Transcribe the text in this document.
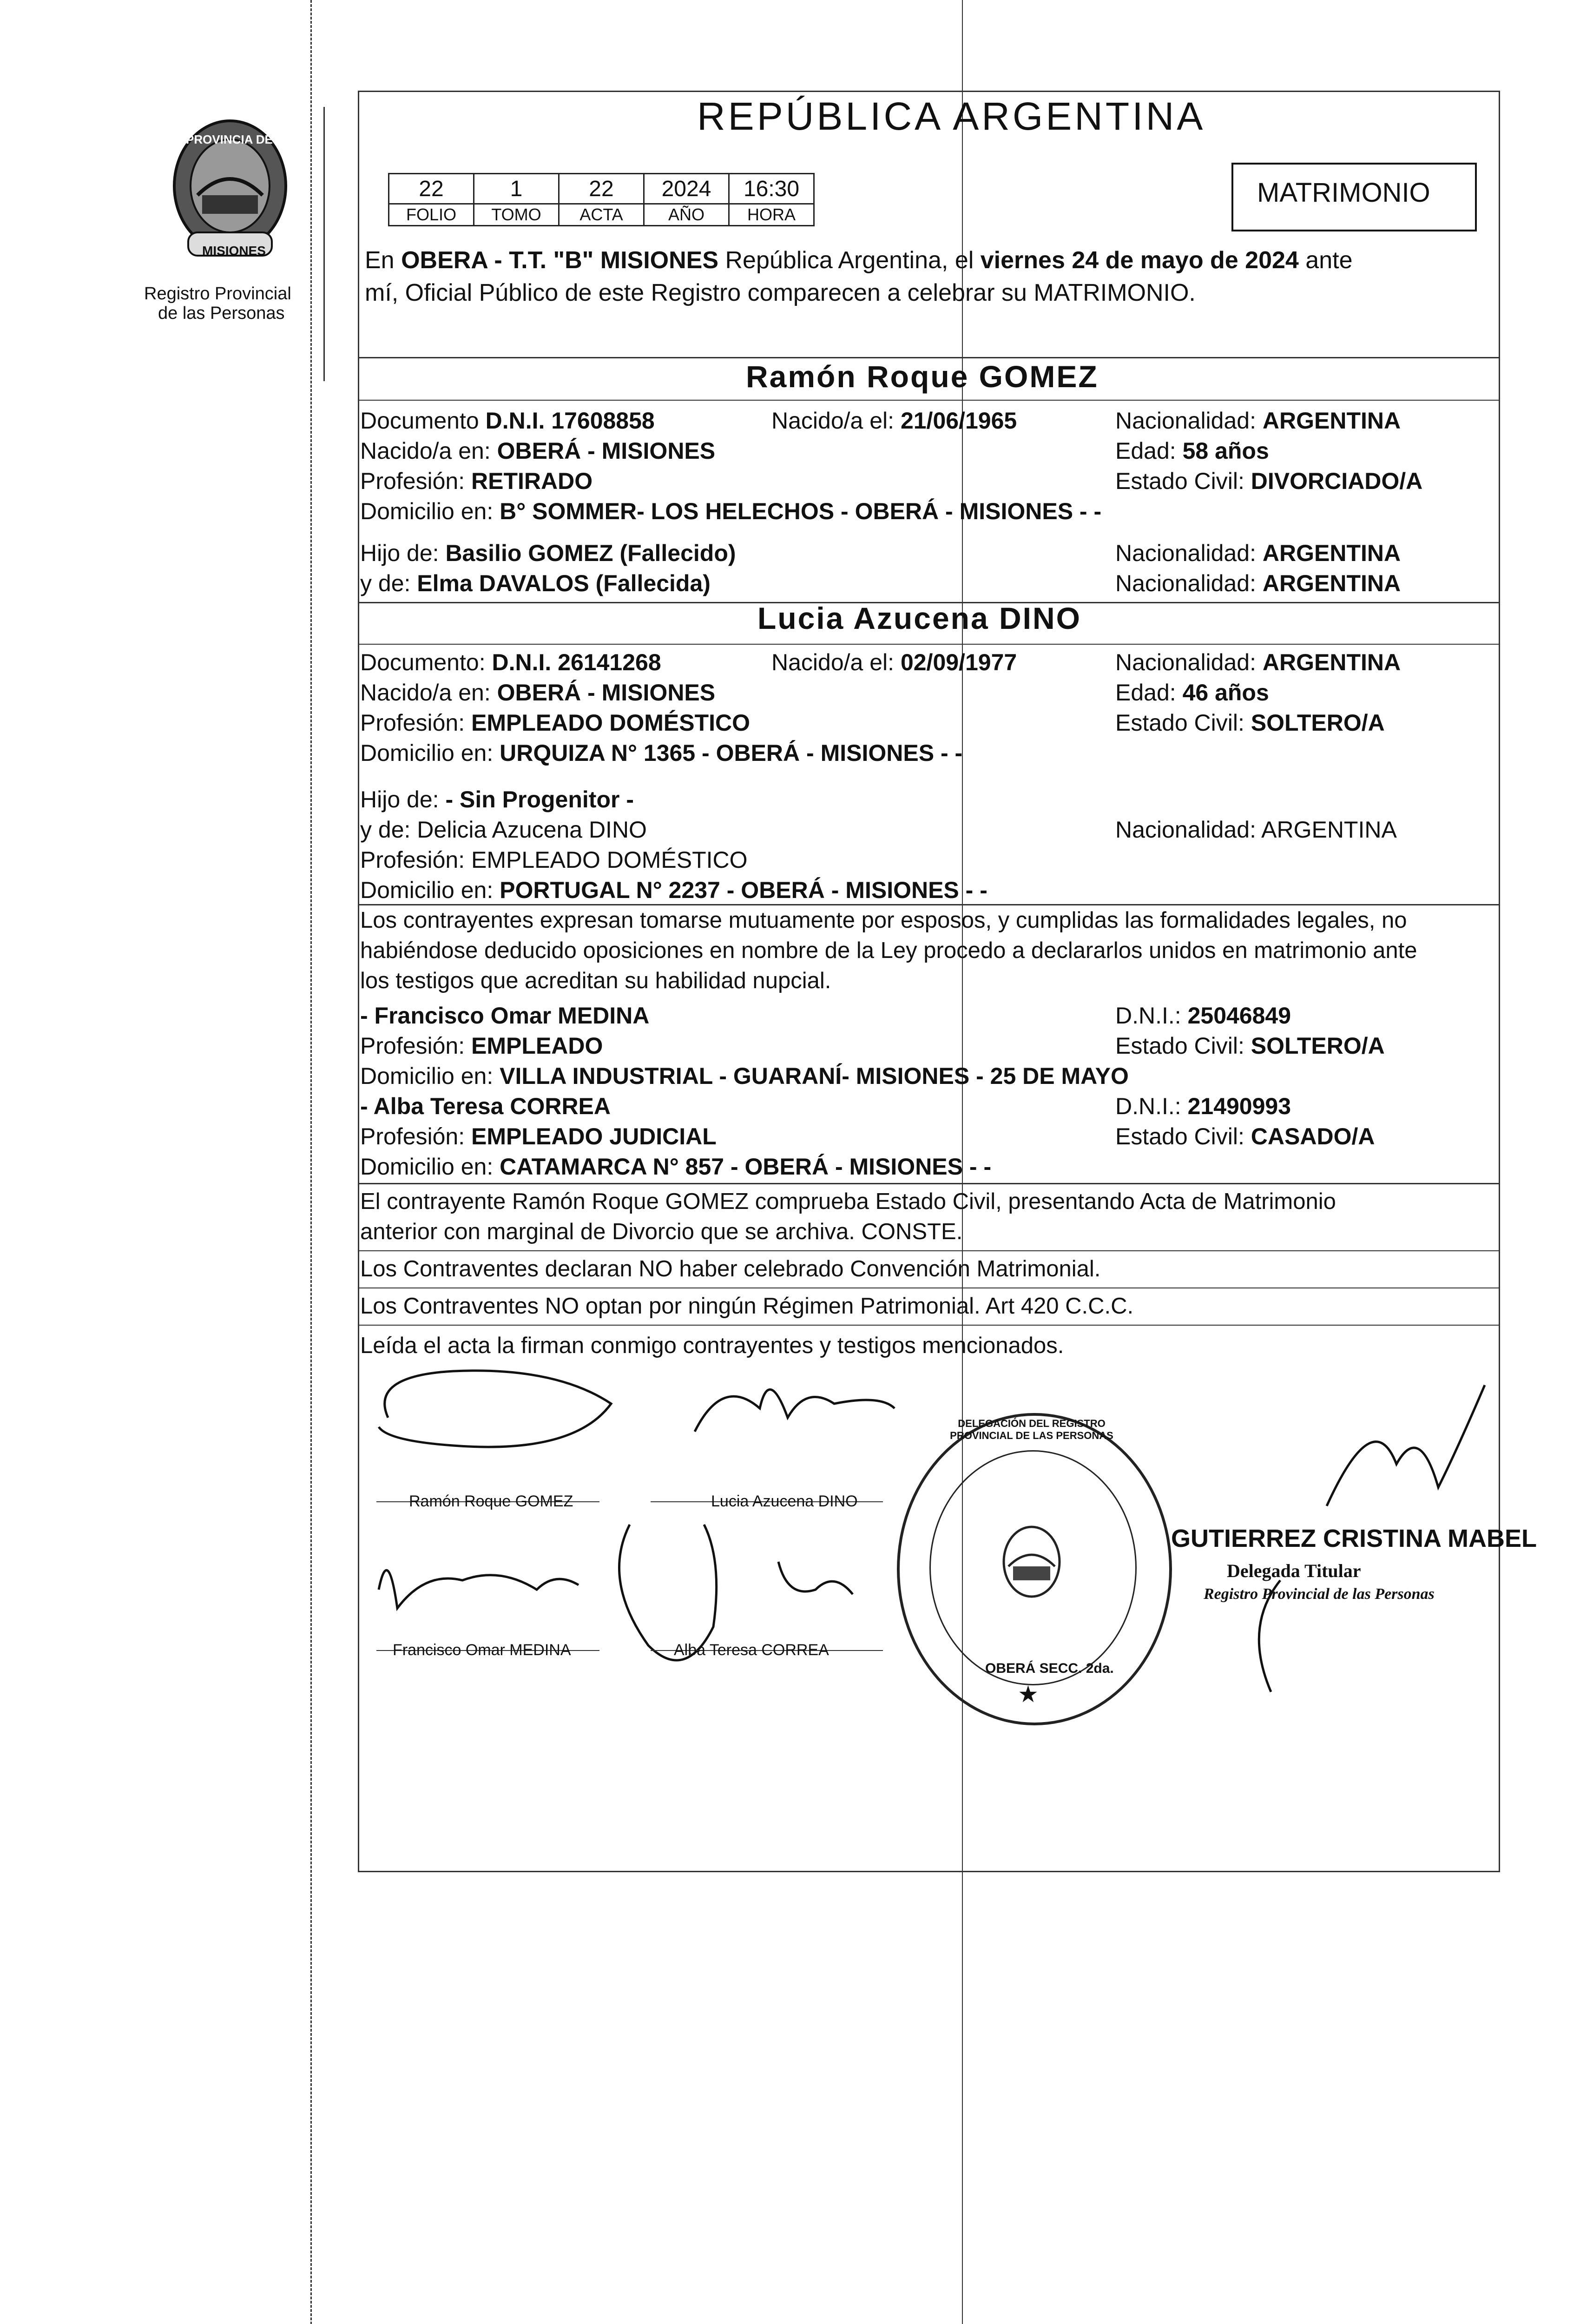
PROVINCIA DE
MISIONES
Registro Provincial
de las Personas
REPÚBLICA ARGENTINA
22	1	22	2024	16:30
FOLIO	TOMO	ACTA	AÑO	HORA
MATRIMONIO
En OBERA - T.T. "B" MISIONES República Argentina, el viernes 24 de mayo de 2024 ante
mí, Oficial Público de este Registro comparecen a celebrar su MATRIMONIO.
Ramón Roque GOMEZ
Documento D.N.I. 17608858	Nacido/a el: 21/06/1965	Nacionalidad: ARGENTINA
Nacido/a en: OBERÁ - MISIONES	Edad: 58 años
Profesión: RETIRADO	Estado Civil: DIVORCIADO/A
Domicilio en: B° SOMMER- LOS HELECHOS - OBERÁ - MISIONES - -
Hijo de: Basilio GOMEZ (Fallecido)	Nacionalidad: ARGENTINA
y de: Elma DAVALOS (Fallecida)	Nacionalidad: ARGENTINA
Lucia Azucena DINO
Documento: D.N.I. 26141268	Nacido/a el: 02/09/1977	Nacionalidad: ARGENTINA
Nacido/a en: OBERÁ - MISIONES	Edad: 46 años
Profesión: EMPLEADO DOMÉSTICO	Estado Civil: SOLTERO/A
Domicilio en: URQUIZA N° 1365 - OBERÁ - MISIONES - -
Hijo de: - Sin Progenitor -
y de: Delicia Azucena DINO	Nacionalidad: ARGENTINA
Profesión: EMPLEADO DOMÉSTICO
Domicilio en: PORTUGAL N° 2237 - OBERÁ - MISIONES - -
Los contrayentes expresan tomarse mutuamente por esposos, y cumplidas las formalidades legales, no
habiéndose deducido oposiciones en nombre de la Ley procedo a declararlos unidos en matrimonio ante
los testigos que acreditan su habilidad nupcial.
- Francisco Omar MEDINA	D.N.I.: 25046849
Profesión: EMPLEADO	Estado Civil: SOLTERO/A
Domicilio en: VILLA INDUSTRIAL - GUARANÍ- MISIONES - 25 DE MAYO
- Alba Teresa CORREA	D.N.I.: 21490993
Profesión: EMPLEADO JUDICIAL	Estado Civil: CASADO/A
Domicilio en: CATAMARCA N° 857 - OBERÁ - MISIONES - -
El contrayente Ramón Roque GOMEZ comprueba Estado Civil, presentando Acta de Matrimonio
anterior con marginal de Divorcio que se archiva. CONSTE.
Los Contraventes declaran NO haber celebrado Convención Matrimonial.
Los Contraventes NO optan por ningún Régimen Patrimonial. Art 420 C.C.C.
Leída el acta la firman conmigo contrayentes y testigos mencionados.
Ramón Roque GOMEZ	Lucia Azucena DINO
Francisco Omar MEDINA	Alba Teresa CORREA
DELEGACIÓN DEL REGISTRO PROVINCIAL DE LAS PERSONAS
OBERÁ SECC. 2da.
★
GUTIERREZ CRISTINA MABEL
Delegada Titular
Registro Provincial de las Personas
